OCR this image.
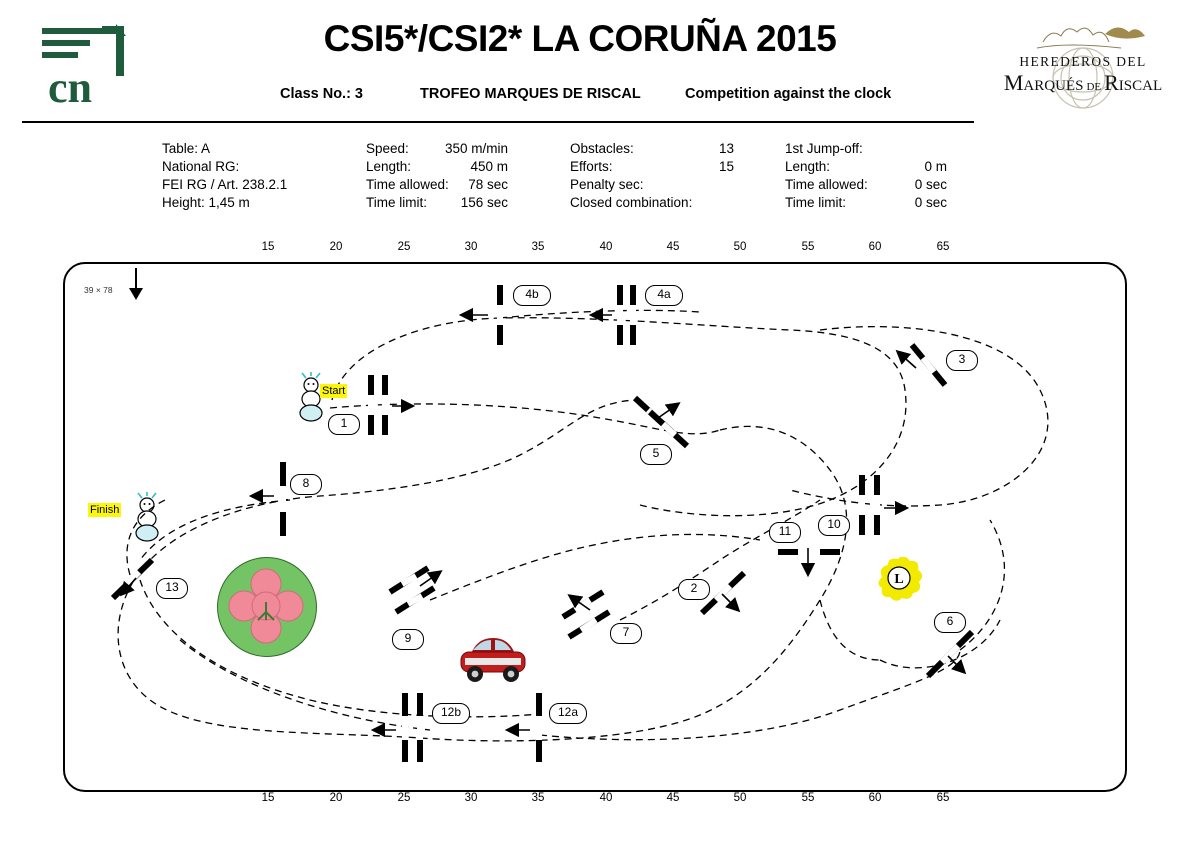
cn
CSI5*/CSI2* LA CORUÑA 2015
Class No.: 3	TROFEO MARQUES DE RISCAL	Competition against the clock
HEREDEROS DEL
MARQUÉS DE RISCAL
Table: A
National RG:
FEI RG / Art. 238.2.1
Height: 1,45 m
Speed:	350 m/min
Length:	450 m
Time allowed: 78 sec
Time limit: 156 sec
Obstacles:	13
Efforts:	15
Penalty sec:
Closed combination:
1st Jump-off:
Length:	0 m
Time allowed:	0 sec
Time limit:	0 sec
15	20	25	30	35	40	45	50	55	60	65
15	20	25	30	35	40	45	50	55	60	65
39 × 78
L
1
2
3
4a
4b
5
6
7
8
9
10
11
12a
12b
13
Start
Finish
